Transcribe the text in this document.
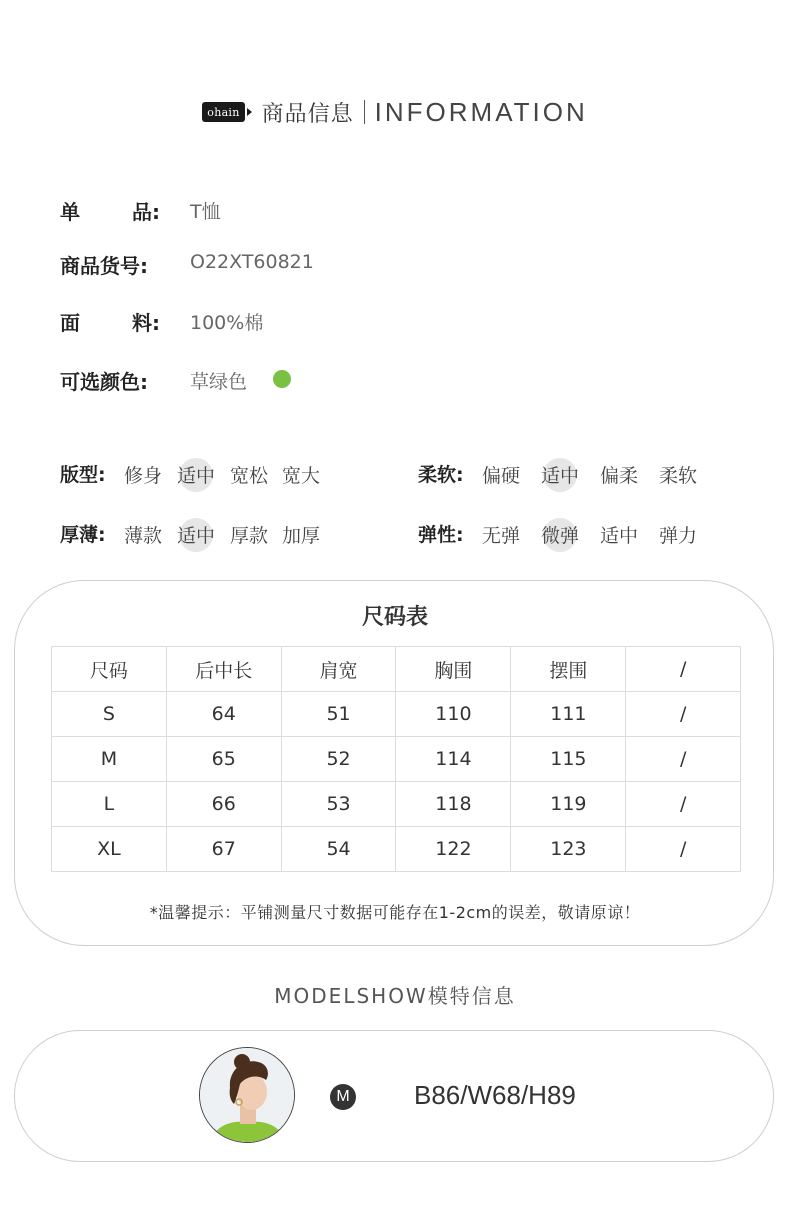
ohain 商品信息 INFORMATION
单	品: T恤
商品货号:	O22XT60821
面	料: 100%棉
可选颜色:	草绿色
版型: 修身 适中 宽松 宽大	柔软: 偏硬 适中 偏柔 柔软
厚薄: 薄款 适中 厚款 加厚	弹性: 无弹 微弹 适中 弹力
尺码表
尺码	后中长	肩宽	胸围	摆围	/
S	64	51	110	111	/
M	65	52	114	115	/
L	66	53	118	119	/
XL	67	54	122	123	/
*温馨提示：平铺测量尺寸数据可能存在1-2cm的误差，敬请原谅！
MODELSHOW模特信息
M B86/W68/H89
